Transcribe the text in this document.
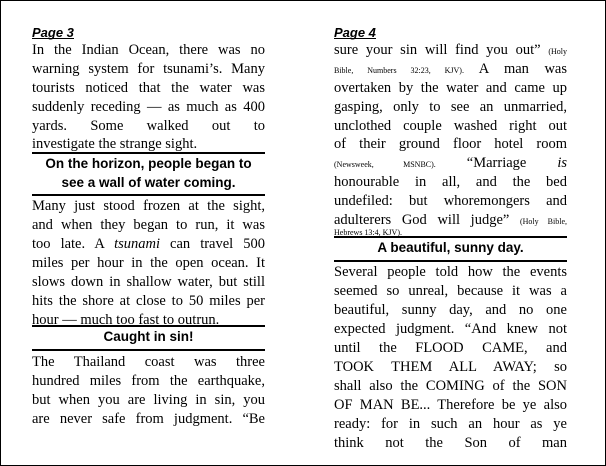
Page 3
In the Indian Ocean, there was no
warning system for tsunami’s. Many
tourists noticed that the water was
suddenly receding — as much as 400
yards. Some walked out to
investigate the strange sight.
On the horizon, people began to
see a wall of water coming.
Many just stood frozen at the sight,
and when they began to run, it was
too late. A tsunami can travel 500
miles per hour in the open ocean. It
slows down in shallow water, but still
hits the shore at close to 50 miles per
hour — much too fast to outrun.
Caught in sin!
The Thailand coast was three
hundred miles from the earthquake,
but when you are living in sin, you
are never safe from judgment. “Be
Page 4
sure your sin will find you out” (Holy
Bible, Numbers 32:23, KJV). A man was
overtaken by the water and came up
gasping, only to see an unmarried,
unclothed couple washed right out
of their ground floor hotel room
(Newsweek, MSNBC). “Marriage is
honourable in all, and the bed
undefiled: but whoremongers and
adulterers God will judge” (Holy Bible,
Hebrews 13:4, KJV).
A beautiful, sunny day.
Several people told how the events
seemed so unreal, because it was a
beautiful, sunny day, and no one
expected judgment. “And knew not
until the FLOOD CAME, and
TOOK THEM ALL AWAY; so
shall also the COMING of the SON
OF MAN BE... Therefore be ye also
ready: for in such an hour as ye
think not the Son of man
